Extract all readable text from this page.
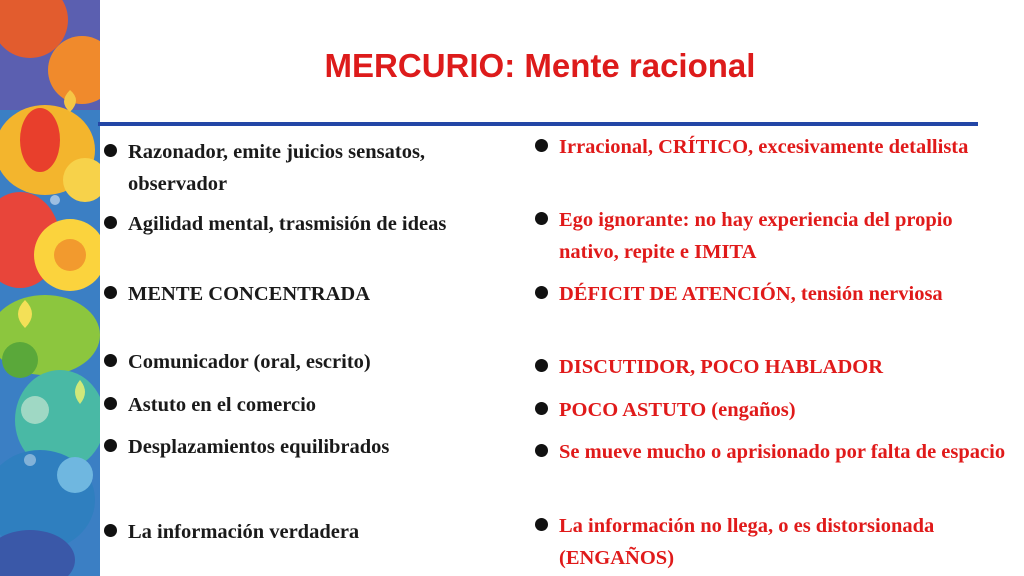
MERCURIO: Mente racional
Razonador, emite juicios sensatos, observador
Agilidad mental, trasmisión de ideas
MENTE CONCENTRADA
Comunicador (oral, escrito)
Astuto en el comercio
Desplazamientos equilibrados
La información verdadera
Irracional, CRÍTICO, excesivamente detallista
Ego ignorante: no hay experiencia del propio nativo, repite e IMITA
DÉFICIT DE ATENCIÓN, tensión nerviosa
DISCUTIDOR, POCO HABLADOR
POCO ASTUTO (engaños)
Se mueve mucho o aprisionado por falta de espacio
La información no llega, o es distorsionada (ENGAÑOS)
